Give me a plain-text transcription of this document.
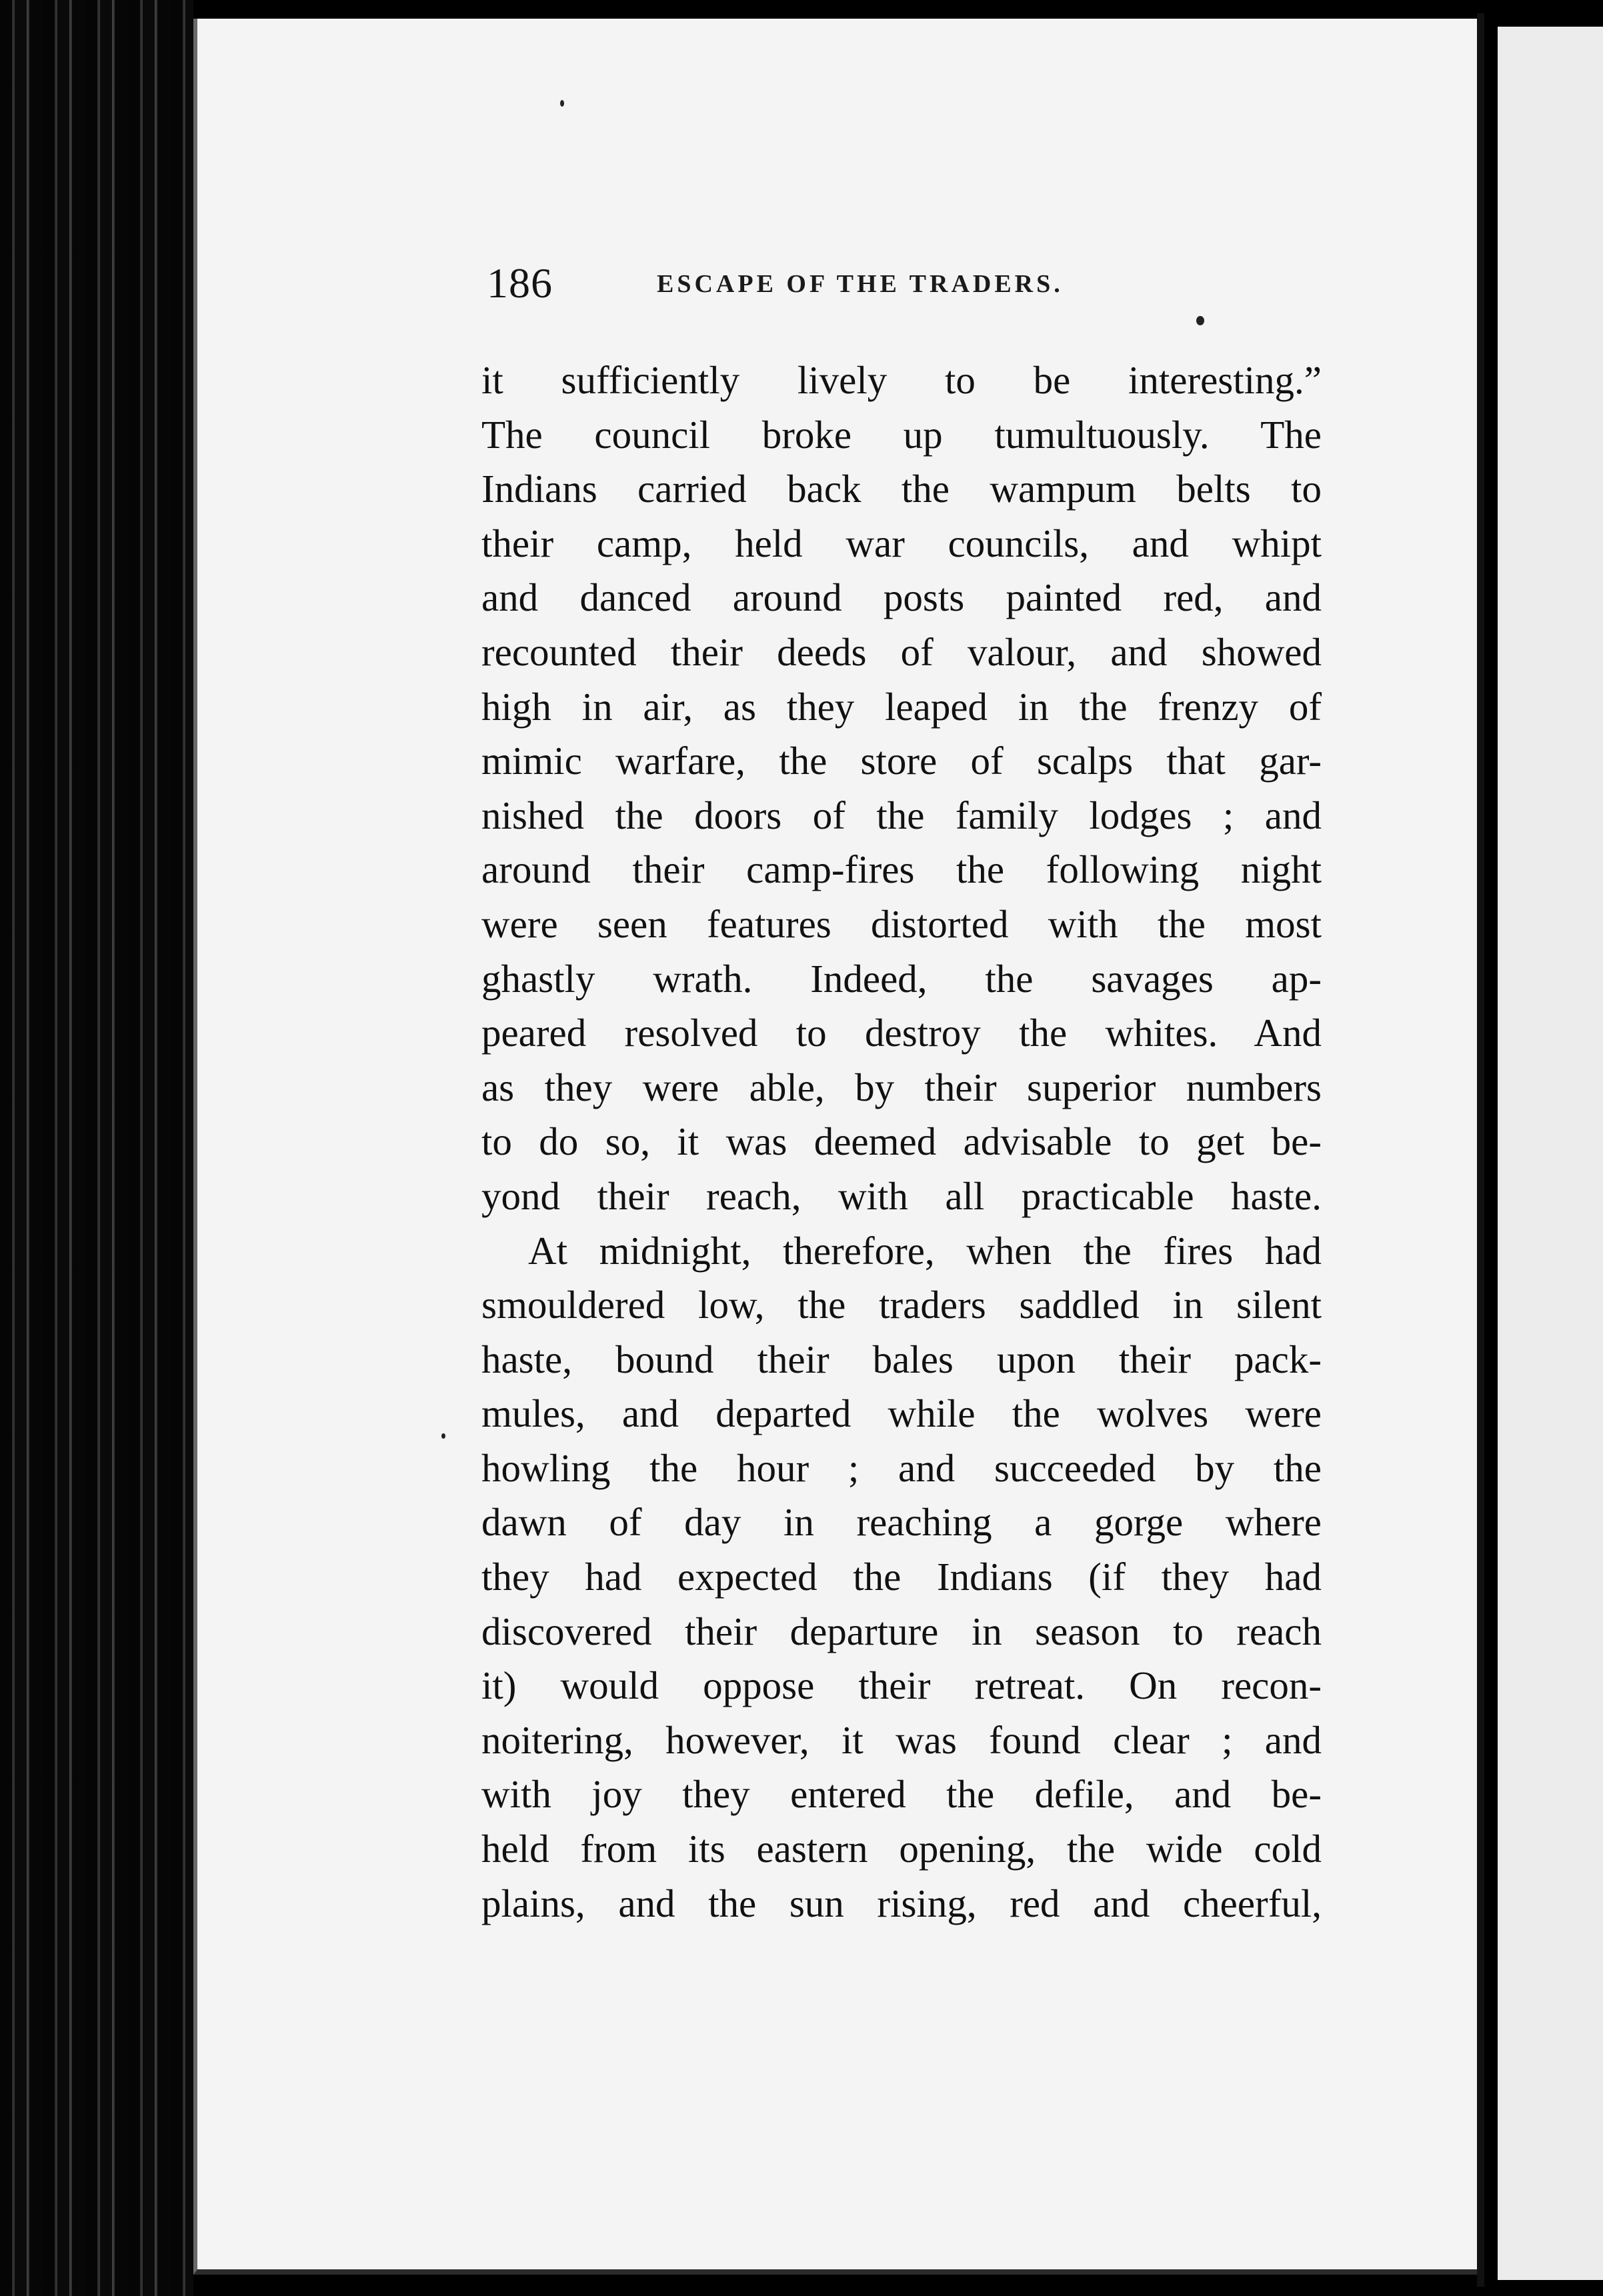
186	ESCAPE OF THE TRADERS.
it sufficiently lively to be interesting.”
The council broke up tumultuously. The
Indians carried back the wampum belts to
their camp, held war councils, and whipt
and danced around posts painted red, and
recounted their deeds of valour, and showed
high in air, as they leaped in the frenzy of
mimic warfare, the store of scalps that gar-
nished the doors of the family lodges ; and
around their camp-fires the following night
were seen features distorted with the most
ghastly wrath. Indeed, the savages ap-
peared resolved to destroy the whites. And
as they were able, by their superior numbers
to do so, it was deemed advisable to get be-
yond their reach, with all practicable haste.
At midnight, therefore, when the fires had
smouldered low, the traders saddled in silent
haste, bound their bales upon their pack-
mules, and departed while the wolves were
howling the hour ; and succeeded by the
dawn of day in reaching a gorge where
they had expected the Indians (if they had
discovered their departure in season to reach
it) would oppose their retreat. On recon-
noitering, however, it was found clear ; and
with joy they entered the defile, and be-
held from its eastern opening, the wide cold
plains, and the sun rising, red and cheerful,
